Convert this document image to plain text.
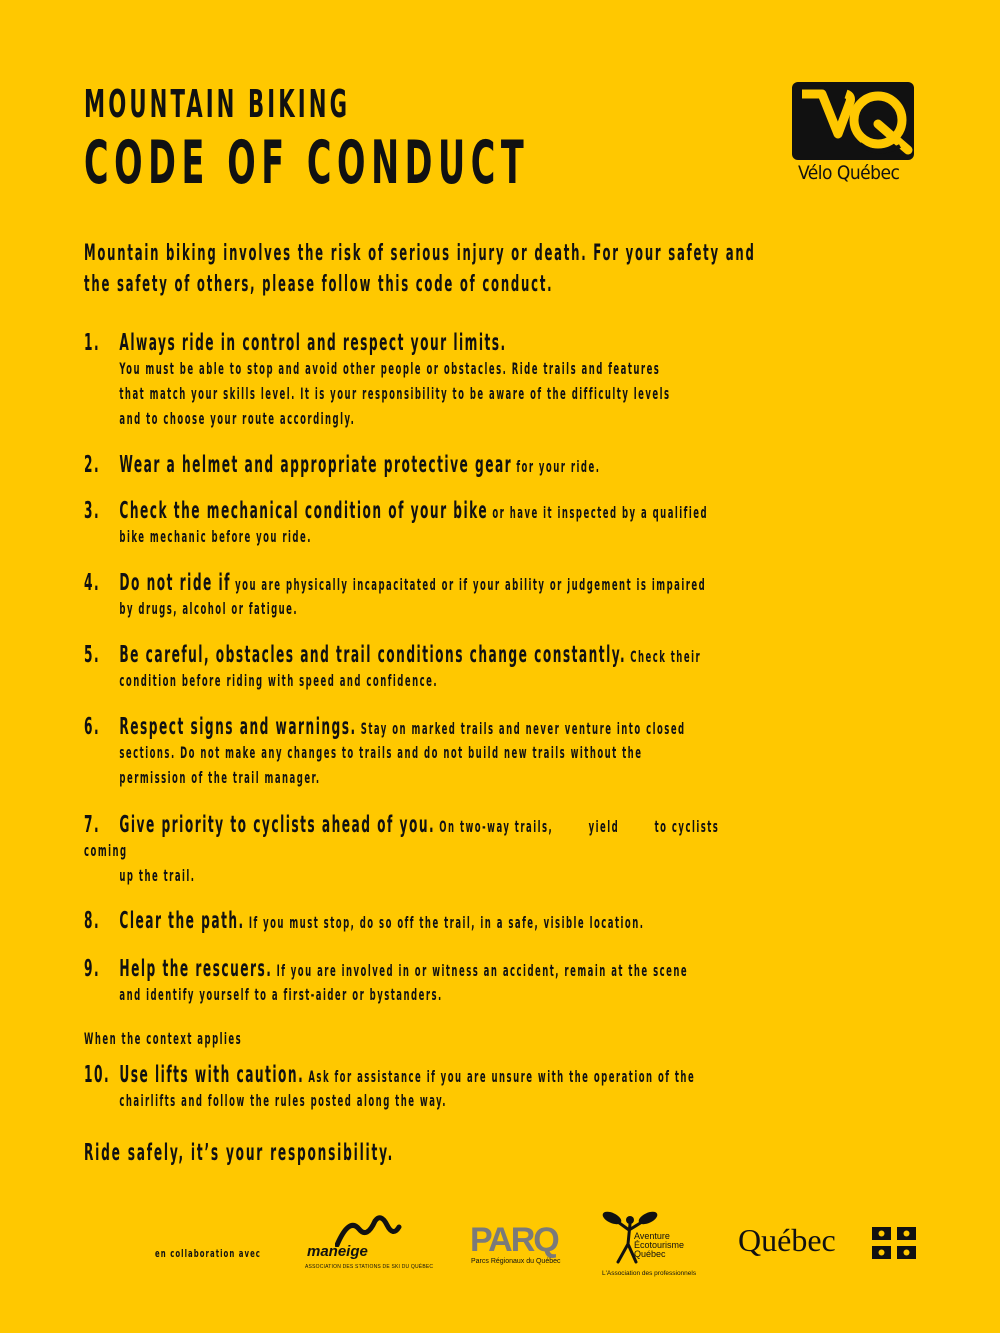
MOUNTAIN BIKING
CODE OF CONDUCT	Vélo Québec
Mountain biking involves the risk of serious injury or death. For your safety and
the safety of others, please follow this code of conduct.
1. Always ride in control and respect your limits.
You must be able to stop and avoid other people or obstacles. Ride trails and features
that match your skills level. It is your responsibility to be aware of the difficulty levels
and to choose your route accordingly.
2. Wear a helmet and appropriate protective gear for your ride.
3. Check the mechanical condition of your bike or have it inspected by a qualified
bike mechanic before you ride.
4. Do not ride if you are physically incapacitated or if your ability or judgement is impaired
by drugs, alcohol or fatigue.
5. Be careful, obstacles and trail conditions change constantly. Check their
condition before riding with speed and confidence.
6. Respect signs and warnings. Stay on marked trails and never venture into closed
sections. Do not make any changes to trails and do not build new trails without the
permission of the trail manager.
7. Give priority to cyclists ahead of you. On two-way trails,        yield        to cyclists
coming
up the trail.
8. Clear the path. If you must stop, do so off the trail, in a safe, visible location.
9. Help the rescuers. If you are involved in or witness an accident, remain at the scene
and identify yourself to a first-aider or bystanders.
When the context applies
10. Use lifts with caution. Ask for assistance if you are unsure with the operation of the
chairlifts and follow the rules posted along the way.
Ride safely, it’s your responsibility.
en collaboration avec	maneige
ASSOCIATION DES STATIONS DE SKI DU QUÉBEC
PARQ
Parcs Régionaux du Québec
Aventure
Écotourisme
Québec
L'Association des professionnels
Québec
